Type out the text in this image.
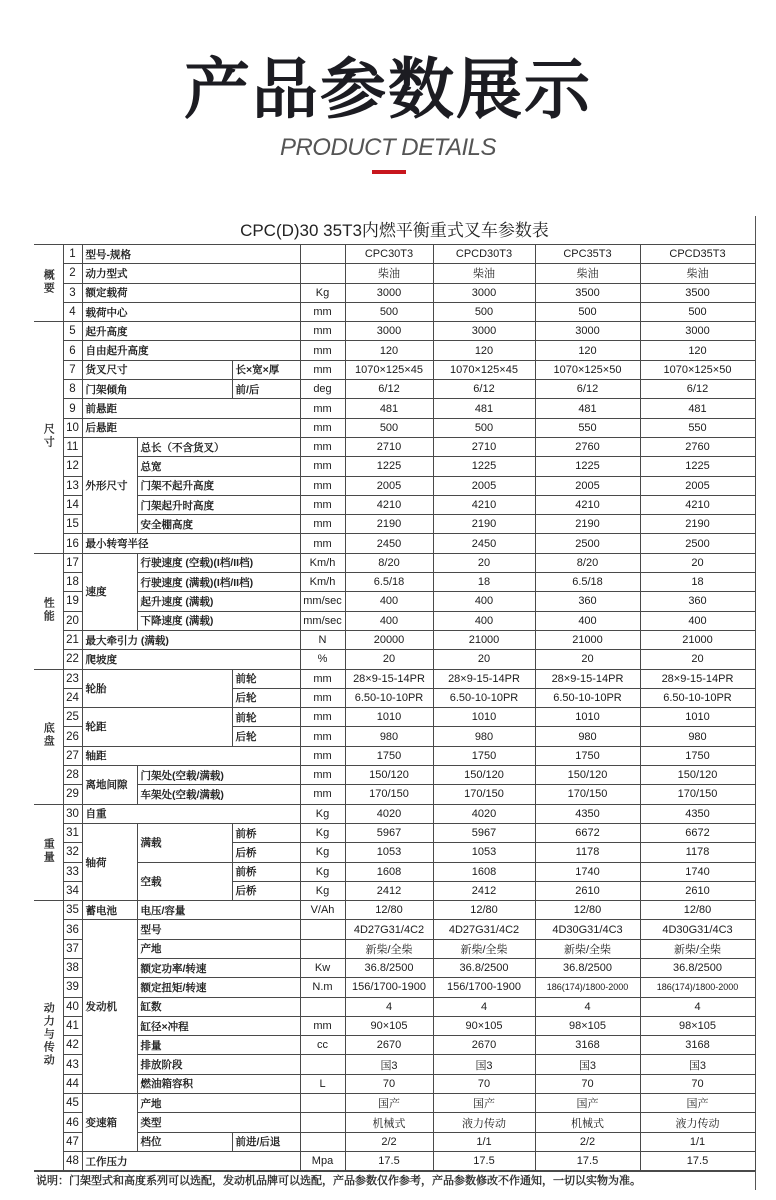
产品参数展示
PRODUCT DETAILS
CPC(D)30 35T3内燃平衡重式叉车参数表
概要	1	型号-规格				CPC30T3	CPCD30T3	CPC35T3	CPCD35T3
	2	动力型式				柴油	柴油	柴油	柴油
	3	额定载荷			Kg	3000	3000	3500	3500
	4	载荷中心			mm	500	500	500	500
尺寸	5	起升高度			mm	3000	3000	3000	3000
	6	自由起升高度			mm	120	120	120	120
	7	货叉尺寸		长×宽×厚	mm	1070×125×45	1070×125×45	1070×125×50	1070×125×50
	8	门架倾角		前/后	deg	6/12	6/12	6/12	6/12
	9	前悬距			mm	481	481	481	481
	10	后悬距			mm	500	500	550	550
	11	外形尺寸	总长（不含货叉）		mm	2710	2710	2760	2760
	12		总宽		mm	1225	1225	1225	1225
	13		门架不起升高度		mm	2005	2005	2005	2005
	14		门架起升时高度		mm	4210	4210	4210	4210
	15		安全棚高度		mm	2190	2190	2190	2190
	16	最小转弯半径			mm	2450	2450	2500	2500
性能	17	速度	行驶速度 (空载)(I档/II档)		Km/h	8/20	20	8/20	20
	18		行驶速度 (满载)(I档/II档)		Km/h	6.5/18	18	6.5/18	18
	19		起升速度 (满载)		mm/sec	400	400	360	360
	20		下降速度 (满载)		mm/sec	400	400	400	400
	21	最大牵引力 (满载)			N	20000	21000	21000	21000
	22	爬坡度			%	20	20	20	20
底盘	23	轮胎		前轮	mm	28×9-15-14PR	28×9-15-14PR	28×9-15-14PR	28×9-15-14PR
	24			后轮	mm	6.50-10-10PR	6.50-10-10PR	6.50-10-10PR	6.50-10-10PR
	25	轮距		前轮	mm	1010	1010	1010	1010
	26			后轮	mm	980	980	980	980
	27	轴距			mm	1750	1750	1750	1750
	28	离地间隙	门架处(空载/满载)		mm	150/120	150/120	150/120	150/120
	29		车架处(空载/满载)		mm	170/150	170/150	170/150	170/150
重量	30	自重			Kg	4020	4020	4350	4350
	31	轴荷	满载	前桥	Kg	5967	5967	6672	6672
	32			后桥	Kg	1053	1053	1178	1178
	33		空载	前桥	Kg	1608	1608	1740	1740
	34			后桥	Kg	2412	2412	2610	2610
动力与传动	35	蓄电池	电压/容量		V/Ah	12/80	12/80	12/80	12/80
	36	发动机	型号			4D27G31/4C2	4D27G31/4C2	4D30G31/4C3	4D30G31/4C3
	37		产地			新柴/全柴	新柴/全柴	新柴/全柴	新柴/全柴
	38		额定功率/转速		Kw	36.8/2500	36.8/2500	36.8/2500	36.8/2500
	39		额定扭矩/转速		N.m	156/1700-1900	156/1700-1900	186(174)/1800-2000	186(174)/1800-2000
	40		缸数			4	4	4	4
	41		缸径×冲程		mm	90×105	90×105	98×105	98×105
	42		排量		cc	2670	2670	3168	3168
	43		排放阶段			国3	国3	国3	国3
	44		燃油箱容积		L	70	70	70	70
	45	变速箱	产地			国产	国产	国产	国产
	46		类型			机械式	液力传动	机械式	液力传动
	47		档位	前进/后退		2/2	1/1	2/2	1/1
	48	工作压力			Mpa	17.5	17.5	17.5	17.5
说明：门架型式和高度系列可以选配，发动机品牌可以选配，产品参数仅作参考，产品参数修改不作通知，一切以实物为准。
